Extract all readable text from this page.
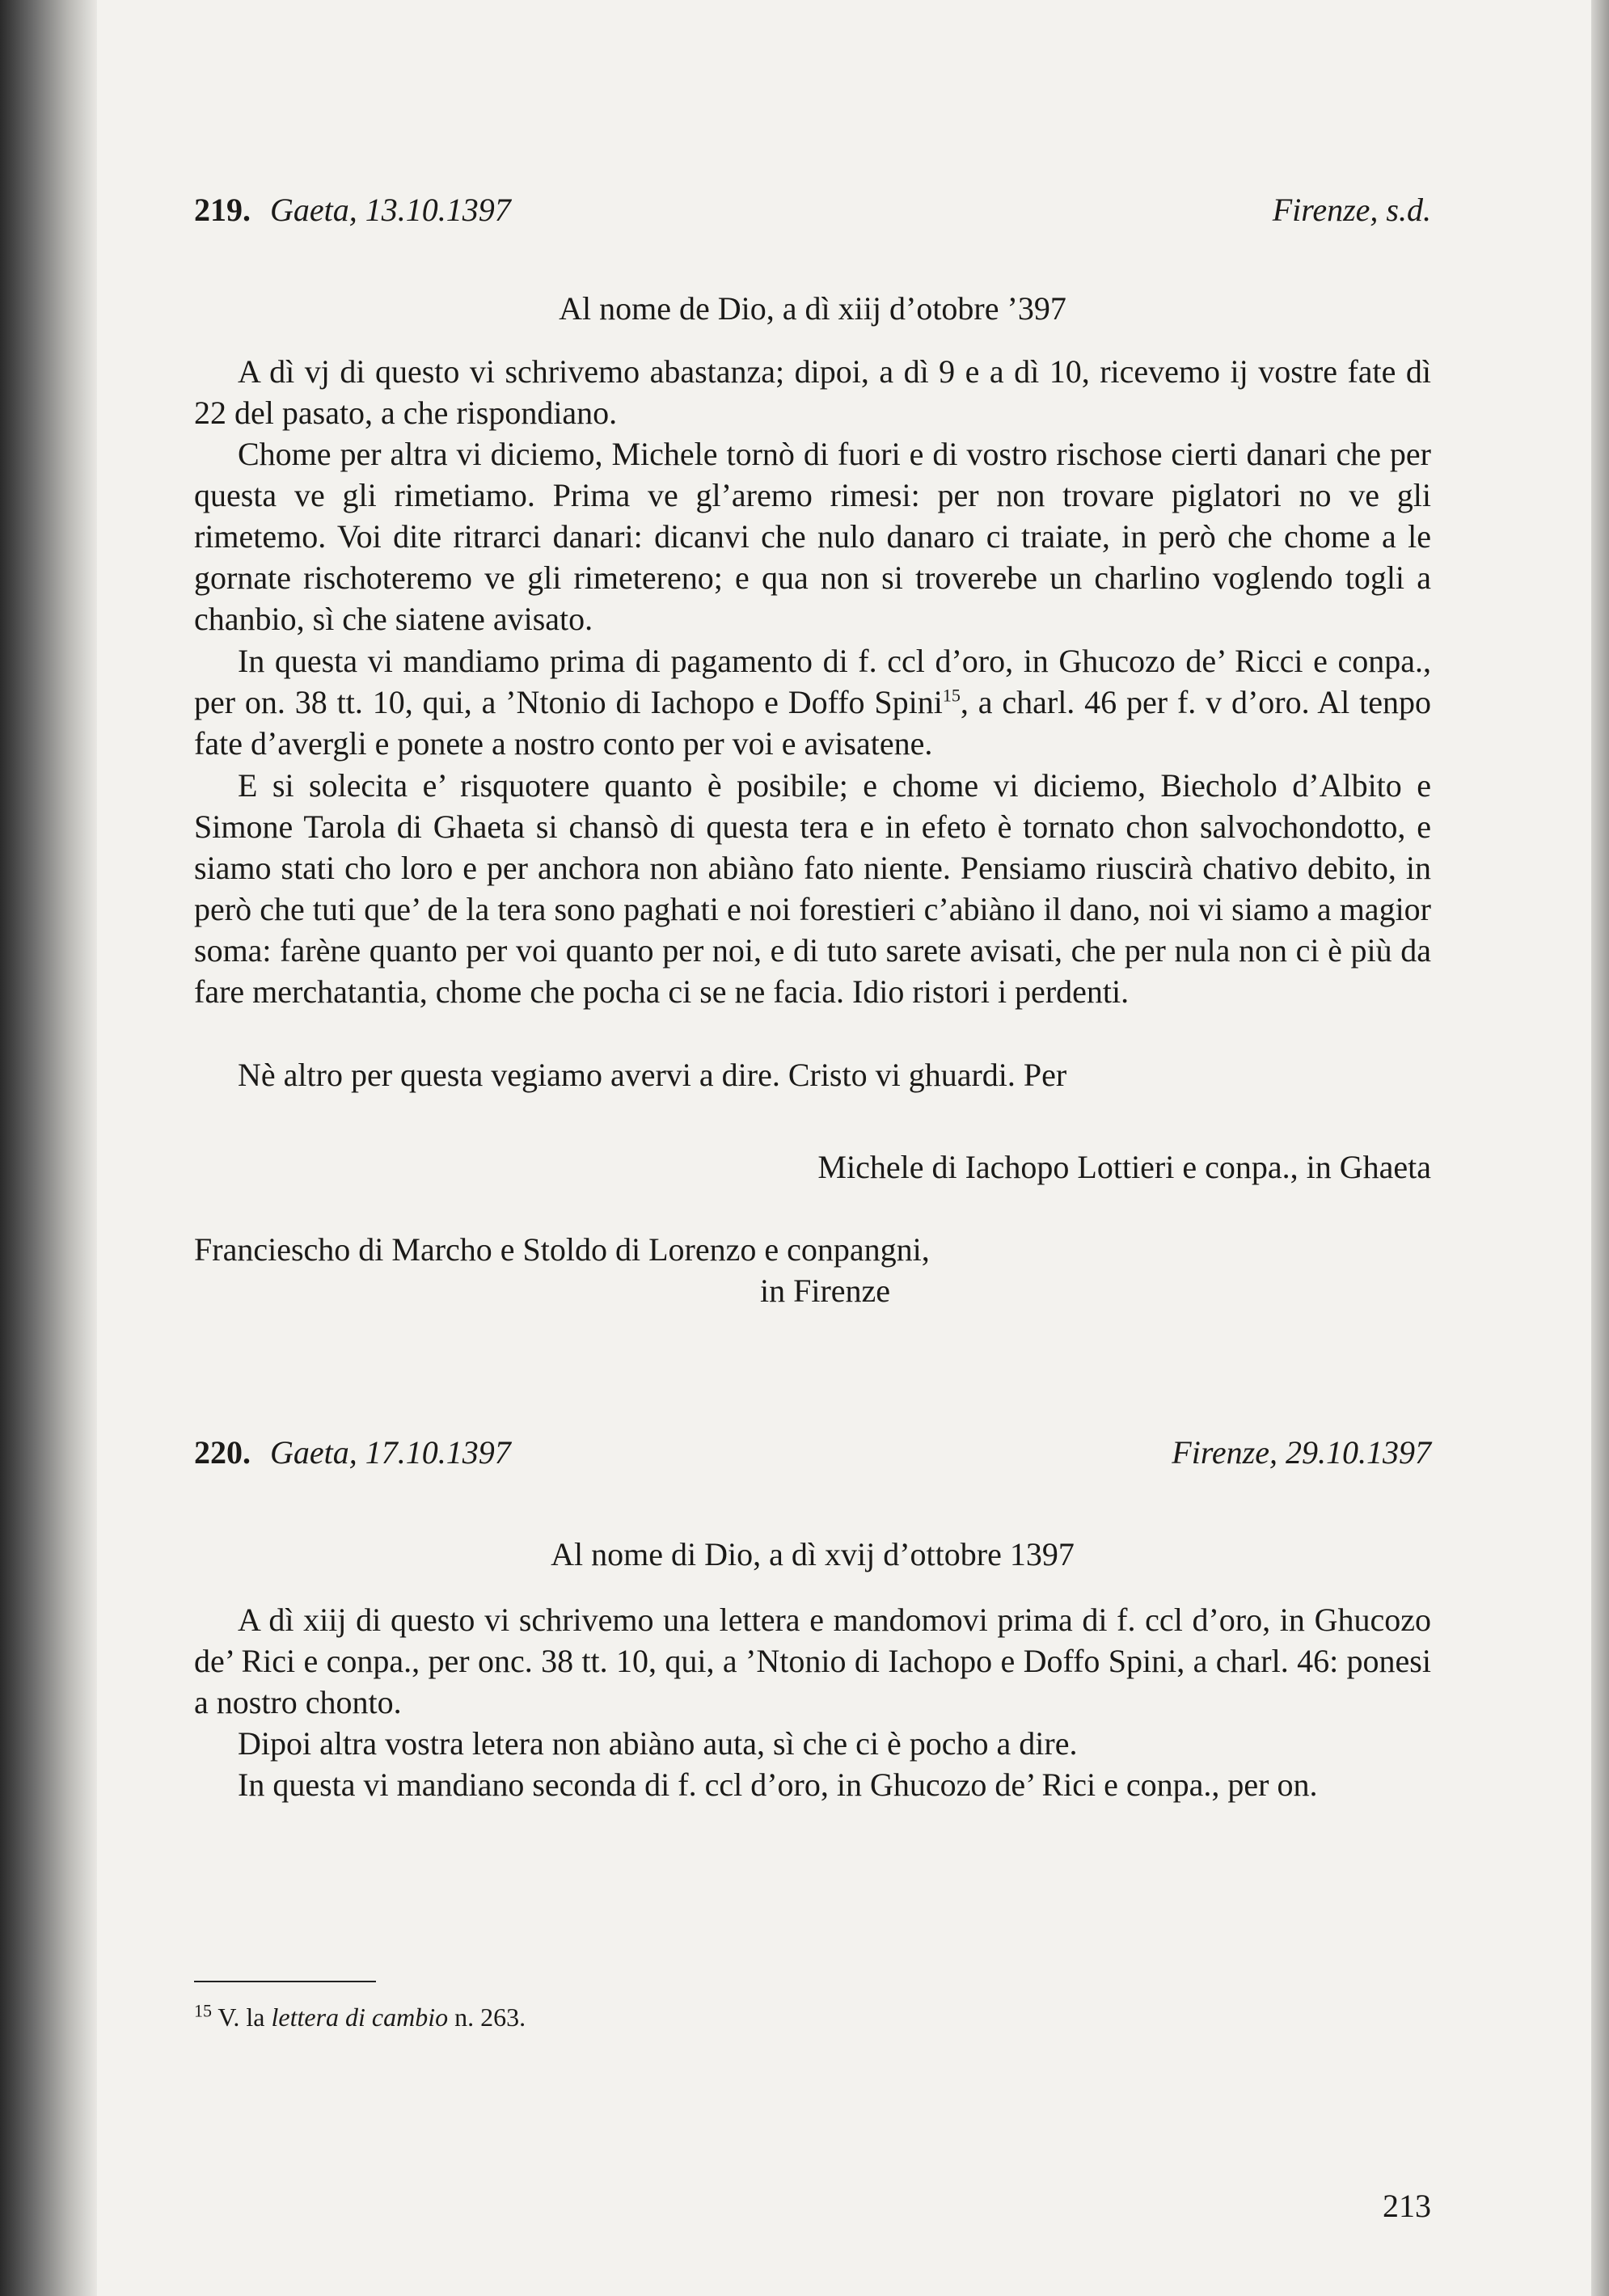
219. Gaeta, 13.10.1397	Firenze, s.d.
Al nome de Dio, a dì xiij d’otobre ’397

A dì vj di questo vi schrivemo abastanza; dipoi, a dì 9 e a dì 10, ricevemo ij vostre fate dì 22 del pasato, a che rispondiano.

Chome per altra vi diciemo, Michele tornò di fuori e di vostro rischose cierti danari che per questa ve gli rimetiamo. Prima ve gl’aremo rimesi: per non trovare piglatori no ve gli rimetemo. Voi dite ritrarci danari: dicanvi che nulo danaro ci traiate, in però che chome a le gornate rischoteremo ve gli rimetereno; e qua non si troverebe un charlino voglendo togli a chanbio, sì che siatene avisato.

In questa vi mandiamo prima di pagamento di f. ccl d’oro, in Ghucozo de’ Ricci e conpa., per on. 38 tt. 10, qui, a ’Ntonio di Iachopo e Doffo Spini$^{15}$, a charl. 46 per f. v d’oro. Al tenpo fate d’avergli e ponete a nostro conto per voi e avisatene.

E si solecita e’ risquotere quanto è posibile; e chome vi diciemo, Biecholo d’Albito e Simone Tarola di Ghaeta si chansò di questa tera e in efeto è tornato chon salvochondotto, e siamo stati cho loro e per anchora non abiàno fato niente. Pensiamo riuscirà chativo debito, in però che tuti que’ de la tera sono paghati e noi forestieri c’abiàno il dano, noi vi siamo a magior soma: farène quanto per voi quanto per noi, e di tuto sarete avisati, che per nula non ci è più da fare merchatantia, chome che pocha ci se ne facia. Idio ristori i perdenti.

Nè altro per questa vegiamo avervi a dire. Cristo vi ghuardi. Per

Michele di Iachopo Lottieri e conpa., in Ghaeta
Franciescho di Marcho e Stoldo di Lorenzo e conpangni,
in Firenze
220. Gaeta, 17.10.1397	Firenze, 29.10.1397
Al nome di Dio, a dì xvij d’ottobre 1397

A dì xiij di questo vi schrivemo una lettera e mandomovi prima di f. ccl d’oro, in Ghucozo de’ Rici e conpa., per onc. 38 tt. 10, qui, a ’Ntonio di Iachopo e Doffo Spini, a charl. 46: ponesi a nostro chonto.

Dipoi altra vostra letera non abiàno auta, sì che ci è pocho a dire.

In questa vi mandiano seconda di f. ccl d’oro, in Ghucozo de’ Rici e conpa., per on.

$^{15}$ V. la lettera di cambio n. 263.
213
